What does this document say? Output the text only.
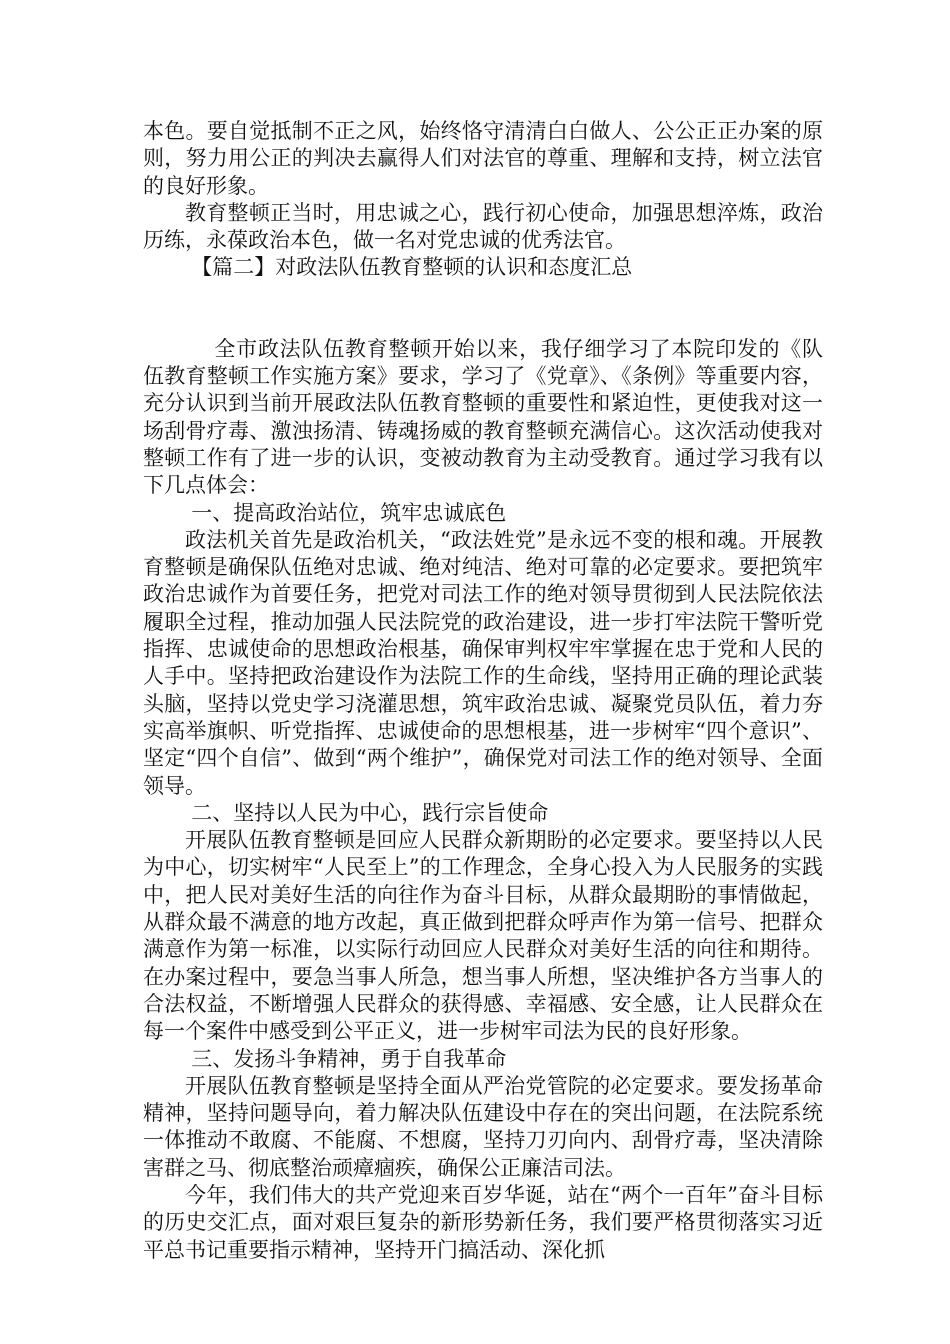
本色。要自觉抵制不正之风，始终恪守清清白白做人、公公正正办案的原则，努力用公正的判决去赢得人们对法官的尊重、理解和支持，树立法官的良好形象。

教育整顿正当时，用忠诚之心，践行初心使命，加强思想淬炼，政治历练，永葆政治本色，做一名对党忠诚的优秀法官。

【篇二】对政法队伍教育整顿的认识和态度汇总

全市政法队伍教育整顿开始以来，我仔细学习了本院印发的《队伍教育整顿工作实施方案》要求，学习了《党章》、《条例》等重要内容，充分认识到当前开展政法队伍教育整顿的重要性和紧迫性，更使我对这一场刮骨疗毒、激浊扬清、铸魂扬威的教育整顿充满信心。这次活动使我对整顿工作有了进一步的认识，变被动教育为主动受教育。通过学习我有以下几点体会：

一、提高政治站位，筑牢忠诚底色

政法机关首先是政治机关，“政法姓党”是永远不变的根和魂。开展教育整顿是确保队伍绝对忠诚、绝对纯洁、绝对可靠的必定要求。要把筑牢政治忠诚作为首要任务，把党对司法工作的绝对领导贯彻到人民法院依法履职全过程，推动加强人民法院党的政治建设，进一步打牢法院干警听党指挥、忠诚使命的思想政治根基，确保审判权牢牢掌握在忠于党和人民的人手中。坚持把政治建设作为法院工作的生命线，坚持用正确的理论武装头脑，坚持以党史学习浇灌思想，筑牢政治忠诚、凝聚党员队伍，着力夯实高举旗帜、听党指挥、忠诚使命的思想根基，进一步树牢“四个意识”、坚定“四个自信”、做到“两个维护”，确保党对司法工作的绝对领导、全面领导。

二、坚持以人民为中心，践行宗旨使命

开展队伍教育整顿是回应人民群众新期盼的必定要求。要坚持以人民为中心，切实树牢“人民至上”的工作理念，全身心投入为人民服务的实践中，把人民对美好生活的向往作为奋斗目标，从群众最期盼的事情做起，从群众最不满意的地方改起，真正做到把群众呼声作为第一信号、把群众满意作为第一标准，以实际行动回应人民群众对美好生活的向往和期待。在办案过程中，要急当事人所急，想当事人所想，坚决维护各方当事人的合法权益，不断增强人民群众的获得感、幸福感、安全感，让人民群众在每一个案件中感受到公平正义，进一步树牢司法为民的良好形象。

三、发扬斗争精神，勇于自我革命

开展队伍教育整顿是坚持全面从严治党管院的必定要求。要发扬革命精神，坚持问题导向，着力解决队伍建设中存在的突出问题，在法院系统一体推动不敢腐、不能腐、不想腐，坚持刀刃向内、刮骨疗毒，坚决清除害群之马、彻底整治顽瘴痼疾，确保公正廉洁司法。

今年，我们伟大的共产党迎来百岁华诞，站在“两个一百年”奋斗目标的历史交汇点，面对艰巨复杂的新形势新任务，我们要严格贯彻落实习近平总书记重要指示精神，坚持开门搞活动、深化抓
